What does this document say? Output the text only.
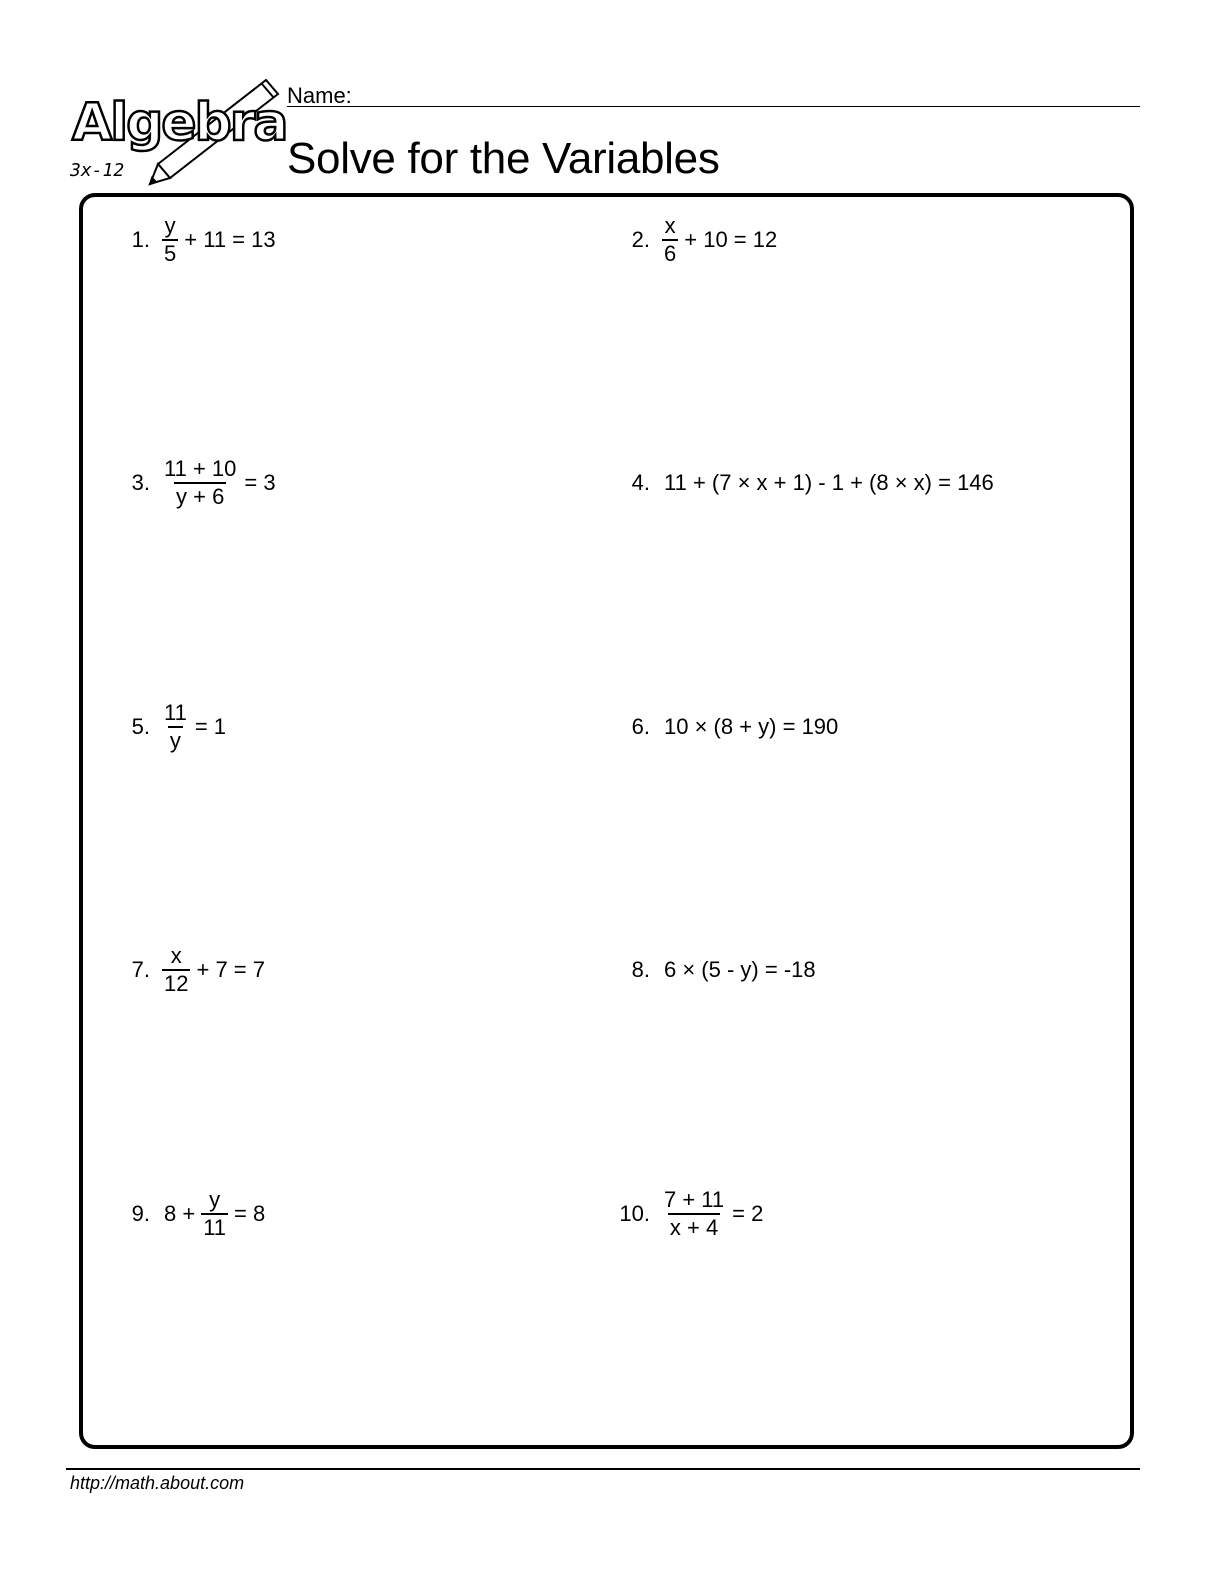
Algebra
3x-12
Name:
Solve for the Variables
1. $\frac{y}{5} + 11 = 13$	2. $\frac{x}{6} + 10 = 12$
3. $\frac{11 + 10}{y + 6} = 3$	4. 11 + (7 × x + 1) - 1 + (8 × x) = 146
5. $\frac{11}{y} = 1$	6. 10 × (8 + y) = 190
7. $\frac{x}{12} + 7 = 7$	8. 6 × (5 - y) = -18
9. $8 + \frac{y}{11} = 8$	10. $\frac{7 + 11}{x + 4} = 2$
http://math.about.com
